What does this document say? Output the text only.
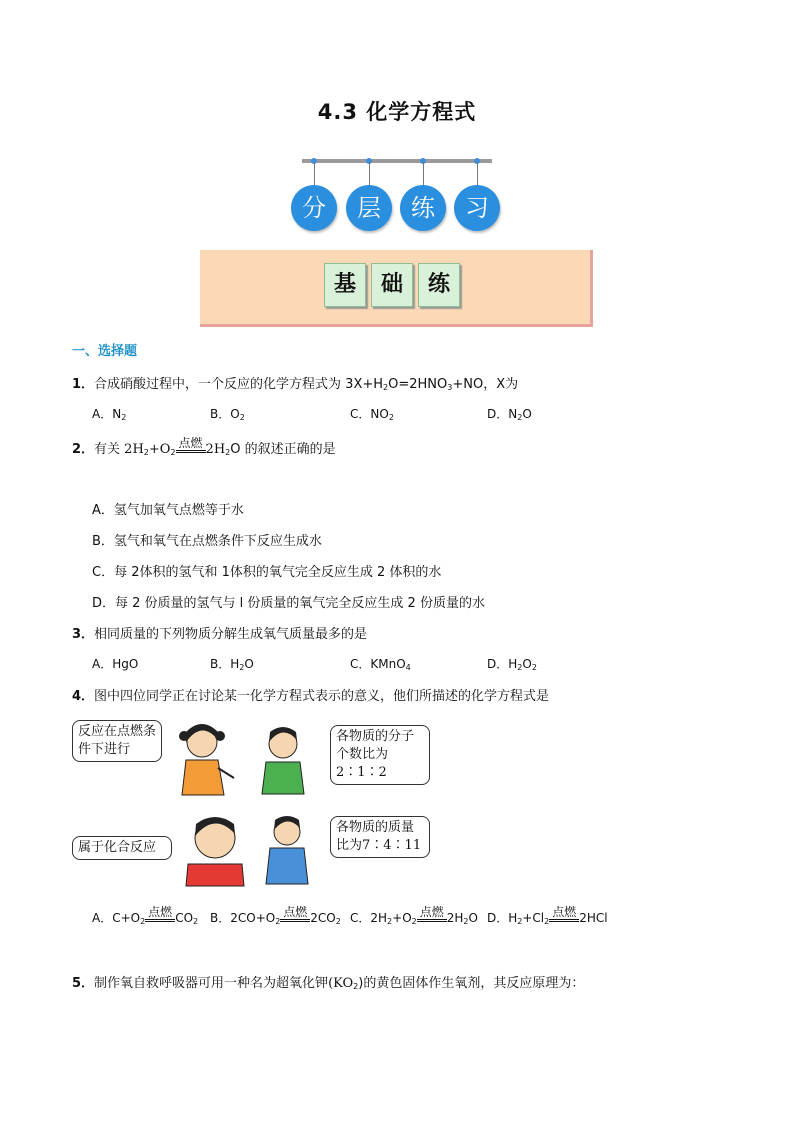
4.3 化学方程式
分	层	练	习
基	础	练
一、选择题
1．合成硝酸过程中，一个反应的化学方程式为 $3X+H_2O=2HNO_3+NO$，X为
A．$N_2$	B．$O_2$	C．$NO_2$	D．$N_2O$
2．有关 $2H_2+O_2$
点燃 $2H_2O$ 的叙述正确的是
A．氢气加氧气点燃等于水
B．氢气和氧气在点燃条件下反应生成水
C．每 2体积的氢气和 1体积的氧气完全反应生成 2 体积的水
D．每 2 份质量的氢气与 l 份质量的氧气完全反应生成 2 份质量的水
3．相同质量的下列物质分解生成氧气质量最多的是
A．HgO	B．$H_2O$	C．KMnO$_4$	D．$H_2O_2$
4．图中四位同学正在讨论某一化学方程式表示的意义，他们所描述的化学方程式是
反应在点燃条件下进行
各物质的分子个数比为2∶1∶2
属于化合反应
各物质的质量比为7∶4∶11
A．$C+O_2$
点燃 $CO_2$ B．$2CO+O_2$
点燃 $2CO_2$ C．$2H_2+O_2$
点燃 $2H_2O$ D．$H_2+Cl_2$
点燃 2HCl
5．制作氧自救呼吸器可用一种名为超氧化钾$(KO_2)$的黄色固体作生氧剂，其反应原理为：
